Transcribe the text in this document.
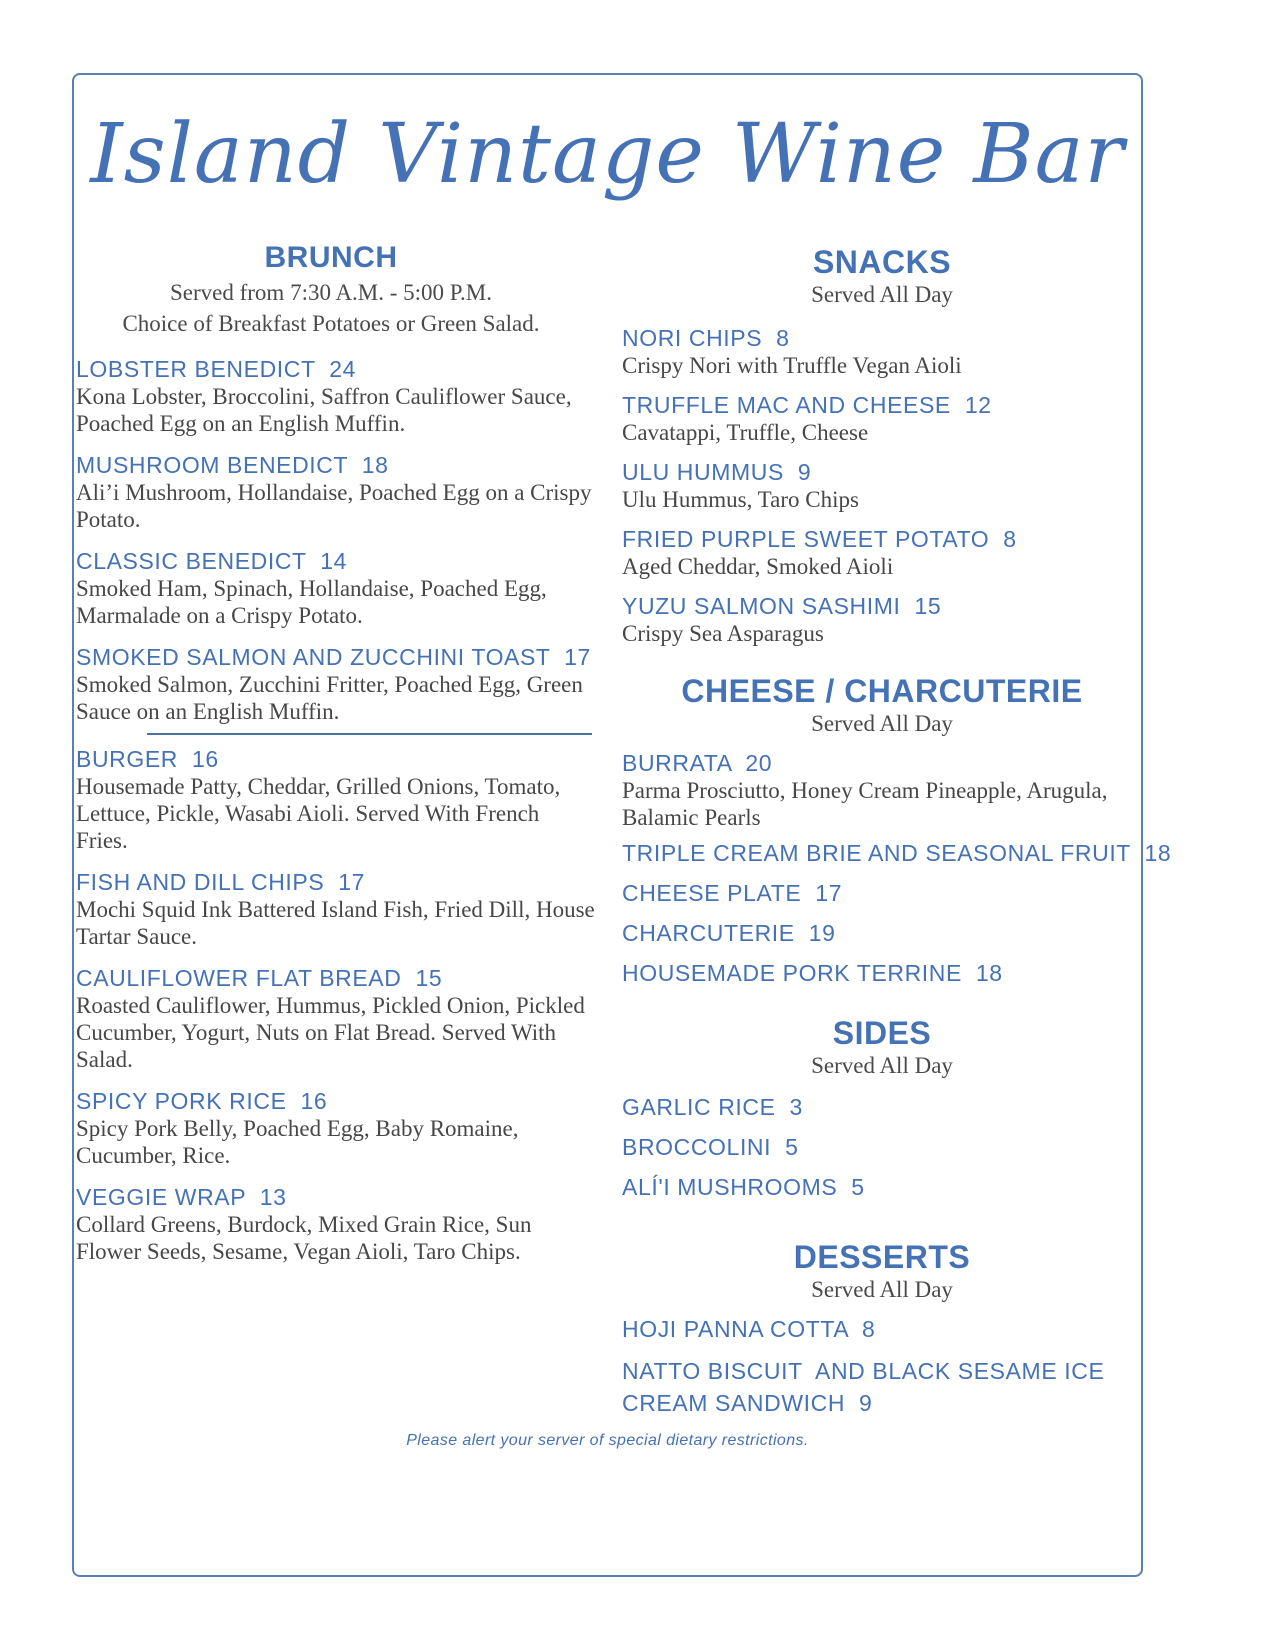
Island Vintage Wine Bar
BRUNCH
Served from 7:30 A.M. - 5:00 P.M.
Choice of Breakfast Potatoes or Green Salad.
LOBSTER BENEDICT  24
Kona Lobster, Broccolini, Saffron Cauliflower Sauce, Poached Egg on an English Muffin.
MUSHROOM BENEDICT  18
Ali’i Mushroom, Hollandaise, Poached Egg on a Crispy Potato.
CLASSIC BENEDICT  14
Smoked Ham, Spinach, Hollandaise, Poached Egg, Marmalade on a Crispy Potato.
SMOKED SALMON AND ZUCCHINI TOAST  17
Smoked Salmon, Zucchini Fritter, Poached Egg, Green Sauce on an English Muffin.
BURGER  16
Housemade Patty, Cheddar, Grilled Onions, Tomato, Lettuce, Pickle, Wasabi Aioli. Served With French Fries.
FISH AND DILL CHIPS  17
Mochi Squid Ink Battered Island Fish, Fried Dill, House Tartar Sauce.
CAULIFLOWER FLAT BREAD  15
Roasted Cauliflower, Hummus, Pickled Onion, Pickled Cucumber, Yogurt, Nuts on Flat Bread. Served With Salad.
SPICY PORK RICE  16
Spicy Pork Belly, Poached Egg, Baby Romaine, Cucumber, Rice.
VEGGIE WRAP  13
Collard Greens, Burdock, Mixed Grain Rice, Sun Flower Seeds, Sesame, Vegan Aioli, Taro Chips.
SNACKS
Served All Day
NORI CHIPS  8
Crispy Nori with Truffle Vegan Aioli
TRUFFLE MAC AND CHEESE  12
Cavatappi, Truffle, Cheese
ULU HUMMUS  9
Ulu Hummus, Taro Chips
FRIED PURPLE SWEET POTATO  8
Aged Cheddar, Smoked Aioli
YUZU SALMON SASHIMI  15
Crispy Sea Asparagus
CHEESE / CHARCUTERIE
Served All Day
BURRATA  20
Parma Prosciutto, Honey Cream Pineapple, Arugula, Balamic Pearls
TRIPLE CREAM BRIE AND SEASONAL FRUIT  18
CHEESE PLATE  17
CHARCUTERIE  19
HOUSEMADE PORK TERRINE  18
SIDES
Served All Day
GARLIC RICE  3
BROCCOLINI  5
ALÍ'I MUSHROOMS  5
DESSERTS
Served All Day
HOJI PANNA COTTA  8
NATTO BISCUIT  AND BLACK SESAME ICE
CREAM SANDWICH  9
Please alert your server of special dietary restrictions.
